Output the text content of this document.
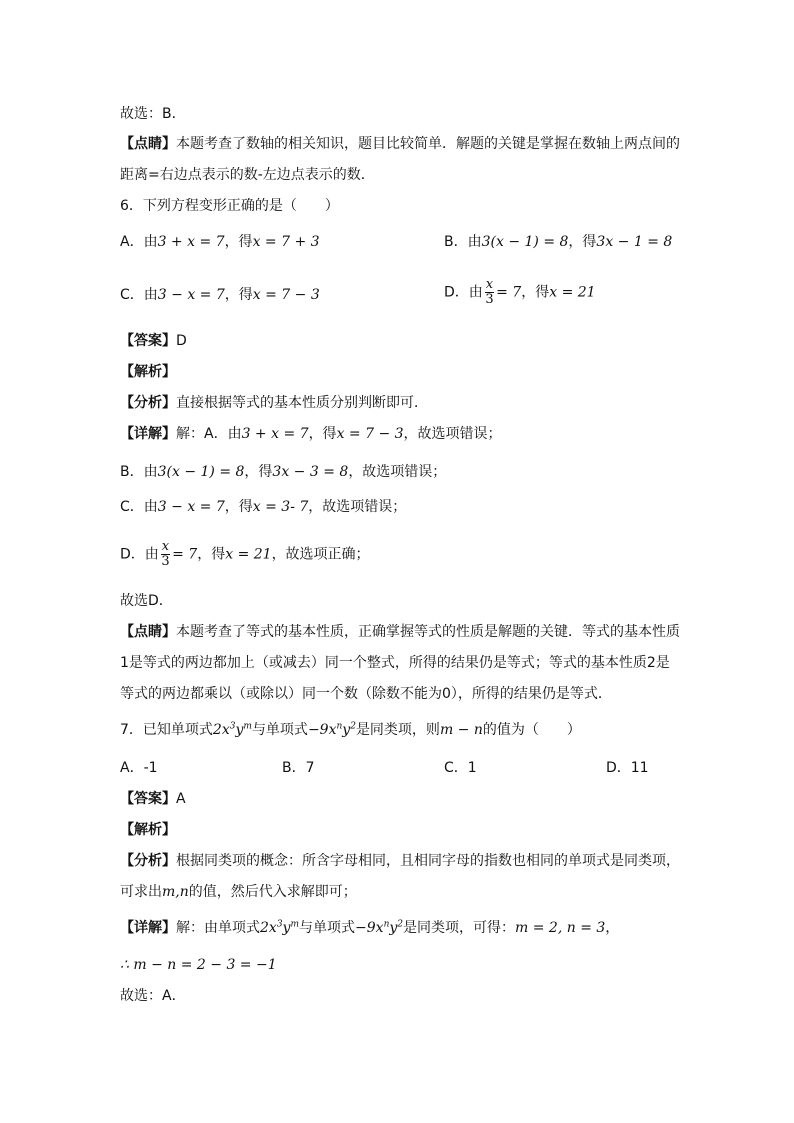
故选：B．
【点睛】本题考查了数轴的相关知识，题目比较简单．解题的关键是掌握在数轴上两点间的
距离=右边点表示的数-左边点表示的数．
6．下列方程变形正确的是（　　）
A．由3 + x = 7，得x = 7 + 3	B．由3(x − 1) = 8，得3x − 1 = 8
C．由3 − x = 7，得x = 7 − 3	D．由 $\frac{x}{3} = 7$，得x = 21
【答案】D
【解析】
【分析】直接根据等式的基本性质分别判断即可．
【详解】解：A．由3 + x = 7，得x = 7 − 3，故选项错误；
B．由3(x − 1) = 8，得3x − 3 = 8，故选项错误；
C．由3 − x = 7，得x = 3- 7，故选项错误；
D．由 $\frac{x}{3} = 7$，得x = 21，故选项正确；
故选D．
【点睛】本题考查了等式的基本性质，正确掌握等式的性质是解题的关键．等式的基本性质
1是等式的两边都加上（或减去）同一个整式，所得的结果仍是等式；等式的基本性质2是
等式的两边都乘以（或除以）同一个数（除数不能为0），所得的结果仍是等式．
7．已知单项式$2x^3y^m$与单项式$-9x^ny^2$是同类项，则m − n的值为（　　）
A．-1	B．7	C．1	D．11
【答案】A
【解析】
【分析】根据同类项的概念：所含字母相同，且相同字母的指数也相同的单项式是同类项，
可求出m,n的值，然后代入求解即可；
【详解】解：由单项式$2x^3y^m$与单项式$-9x^ny^2$是同类项，可得：m = 2, n = 3，
∴ m − n = 2 − 3 = −1
故选：A．
